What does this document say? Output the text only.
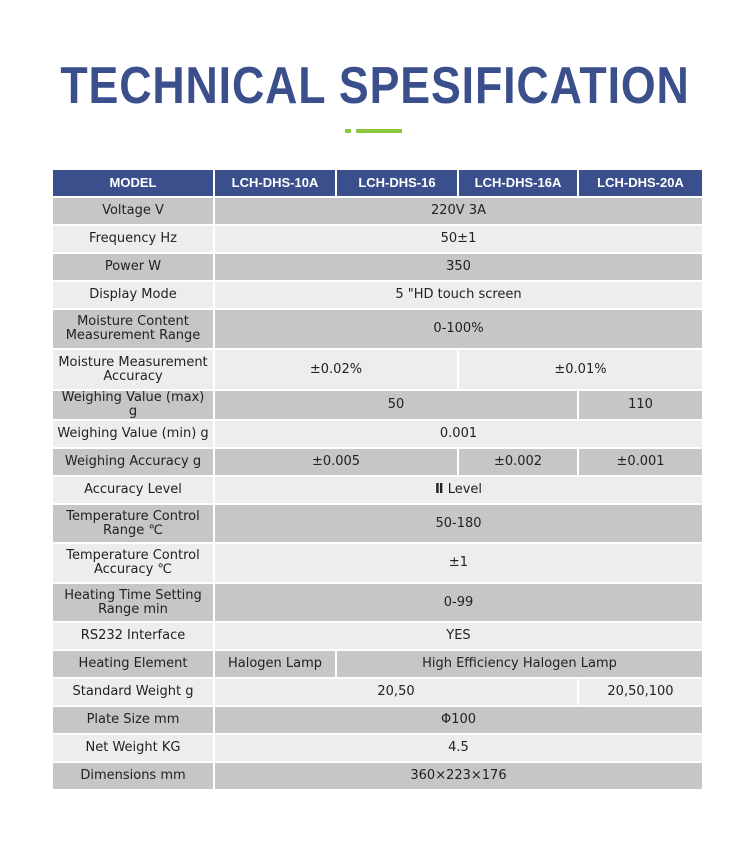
TECHNICAL SPESIFICATION
MODEL	LCH-DHS-10A	LCH-DHS-16	LCH-DHS-16A	LCH-DHS-20A
Voltage V	220V 3A			
Frequency Hz	50±1			
Power W	350			
Display Mode	5 "HD touch screen			
Moisture Content
Measurement Range	0-100%			
Moisture Measurement
Accuracy	±0.02%		±0.01%	
Weighing Value (max) g	50			110
Weighing Value (min) g	0.001			
Weighing Accuracy g	±0.005		±0.002	±0.001
Accuracy Level	Ⅱ Level			
Temperature Control
Range ℃	50-180			
Temperature Control
Accuracy ℃	±1			
Heating Time Setting
Range min	0-99			
RS232 Interface	YES			
Heating Element	Halogen Lamp	High Efficiency Halogen Lamp		
Standard Weight g	20,50			20,50,100
Plate Size mm	Φ100			
Net Weight KG	4.5			
Dimensions mm	360×223×176			
